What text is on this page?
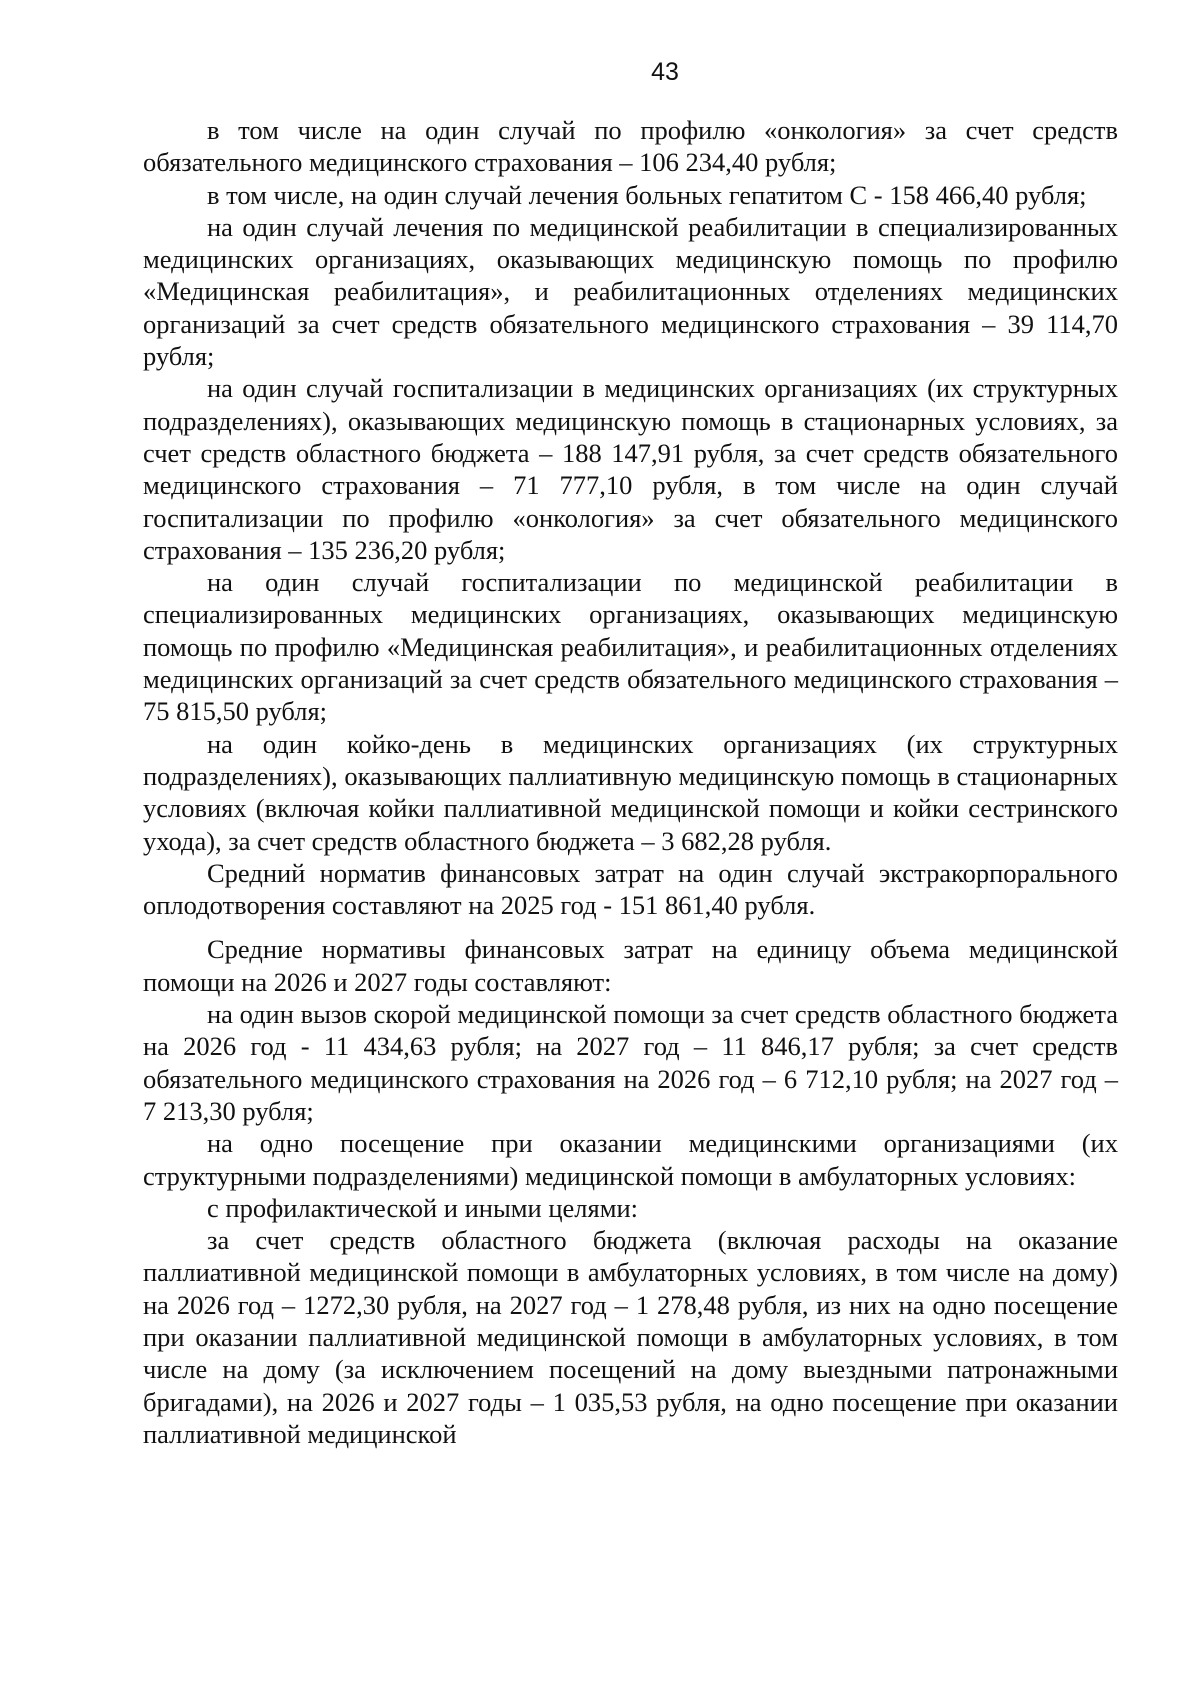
43

в том числе на один случай по профилю «онкология» за счет средств обязательного медицинского страхования – 106 234,40 рубля;

в том числе, на один случай лечения больных гепатитом С - 158 466,40 рубля;

на один случай лечения по медицинской реабилитации в специализированных медицинских организациях, оказывающих медицинскую помощь по профилю «Медицинская реабилитация», и реабилитационных отделениях медицинских организаций за счет средств обязательного медицинского страхования – 39 114,70 рубля;

на один случай госпитализации в медицинских организациях (их структурных подразделениях), оказывающих медицинскую помощь в стационарных условиях, за счет средств областного бюджета – 188 147,91 рубля, за счет средств обязательного медицинского страхования – 71 777,10 рубля, в том числе на один случай госпитализации по профилю «онкология» за счет обязательного медицинского страхования – 135 236,20 рубля;

на один случай госпитализации по медицинской реабилитации в специализированных медицинских организациях, оказывающих медицинскую помощь по профилю «Медицинская реабилитация», и реабилитационных отделениях медицинских организаций за счет средств обязательного медицинского страхования – 75 815,50 рубля;

на один койко-день в медицинских организациях (их структурных подразделениях), оказывающих паллиативную медицинскую помощь в стационарных условиях (включая койки паллиативной медицинской помощи и койки сестринского ухода), за счет средств областного бюджета – 3 682,28 рубля.

Средний норматив финансовых затрат на один случай экстракорпорального оплодотворения составляют на 2025 год - 151 861,40 рубля.

Средние нормативы финансовых затрат на единицу объема медицинской помощи на 2026 и 2027 годы составляют:

на один вызов скорой медицинской помощи за счет средств областного бюджета на 2026 год - 11 434,63 рубля; на 2027 год – 11 846,17 рубля; за счет средств обязательного медицинского страхования на 2026 год – 6 712,10 рубля; на 2027 год – 7 213,30 рубля;

на одно посещение при оказании медицинскими организациями (их структурными подразделениями) медицинской помощи в амбулаторных условиях:

с профилактической и иными целями:

за счет средств областного бюджета (включая расходы на оказание паллиативной медицинской помощи в амбулаторных условиях, в том числе на дому) на 2026 год – 1272,30 рубля, на 2027 год – 1 278,48 рубля, из них на одно посещение при оказании паллиативной медицинской помощи в амбулаторных условиях, в том числе на дому (за исключением посещений на дому выездными патронажными бригадами), на 2026 и 2027 годы – 1 035,53 рубля, на одно посещение при оказании паллиативной медицинской
